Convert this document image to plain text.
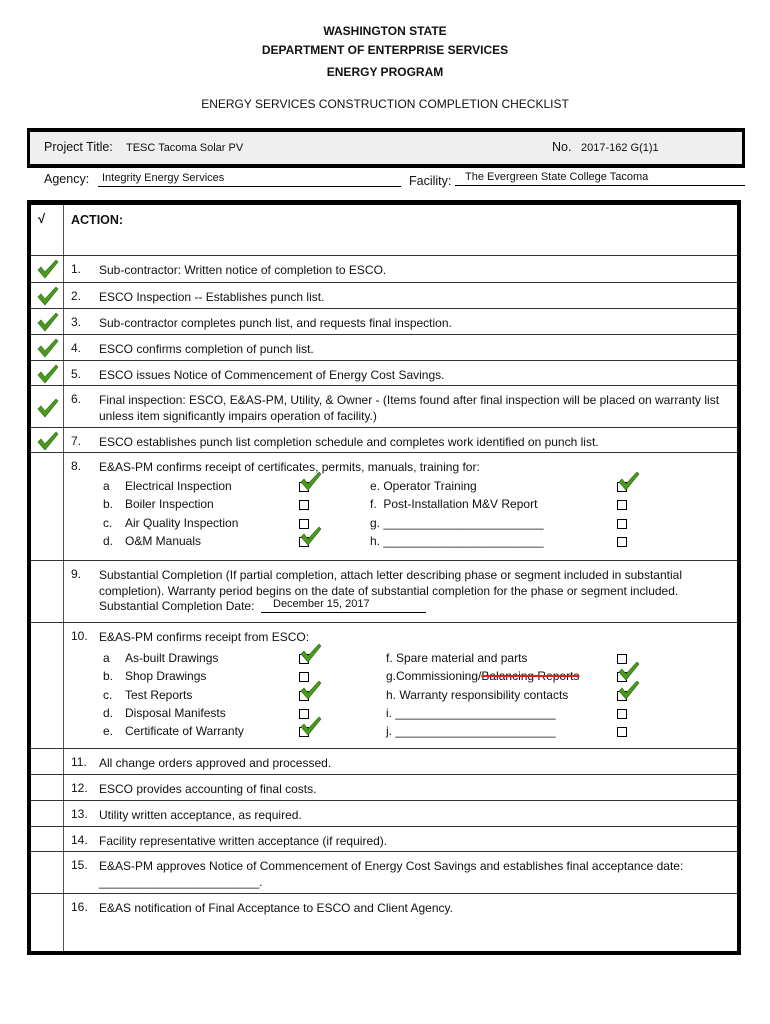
WASHINGTON STATE
DEPARTMENT OF ENTERPRISE SERVICES
ENERGY PROGRAM
ENERGY SERVICES CONSTRUCTION COMPLETION CHECKLIST
Project Title: TESC Tacoma Solar PV	No. 2017-162 G(1)1
Agency:	Integrity Energy Services	Facility:	The Evergreen State College Tacoma
√ ACTION:
1. Sub-contractor: Written notice of completion to ESCO.
2. ESCO Inspection -- Establishes punch list.
3. Sub-contractor completes punch list, and requests final inspection.
4. ESCO confirms completion of punch list.
5. ESCO issues Notice of Commencement of Energy Cost Savings.
6. Final inspection: ESCO, E&AS-PM, Utility, & Owner - (Items found after final inspection will be placed on warranty list unless item significantly impairs operation of facility.)
7. ESCO establishes punch list completion schedule and completes work identified on punch list.
8. E&AS-PM confirms receipt of certificates, permits, manuals, training for:
a Electrical Inspection
b. Boiler Inspection
c. Air Quality Inspection
d. O&M Manuals
e. Operator Training
f.  Post-Installation M&V Report
g. ________________________
h. ________________________
9. Substantial Completion (If partial completion, attach letter describing phase or segment included in substantial completion). Warranty period begins on the date of substantial completion for the phase or segment included.
Substantial Completion Date:	December 15, 2017
10. E&AS-PM confirms receipt from ESCO:
a As-built Drawings
b. Shop Drawings
c. Test Reports
d. Disposal Manifests
e. Certificate of Warranty
f. Spare material and parts
g.Commissioning/Balancing Reports
h. Warranty responsibility contacts
i. ________________________
j. ________________________
11. All change orders approved and processed.
12. ESCO provides accounting of final costs.
13. Utility written acceptance, as required.
14. Facility representative written acceptance (if required).
15. E&AS-PM approves Notice of Commencement of Energy Cost Savings and establishes final acceptance date: ________________________.
16. E&AS notification of Final Acceptance to ESCO and Client Agency.
